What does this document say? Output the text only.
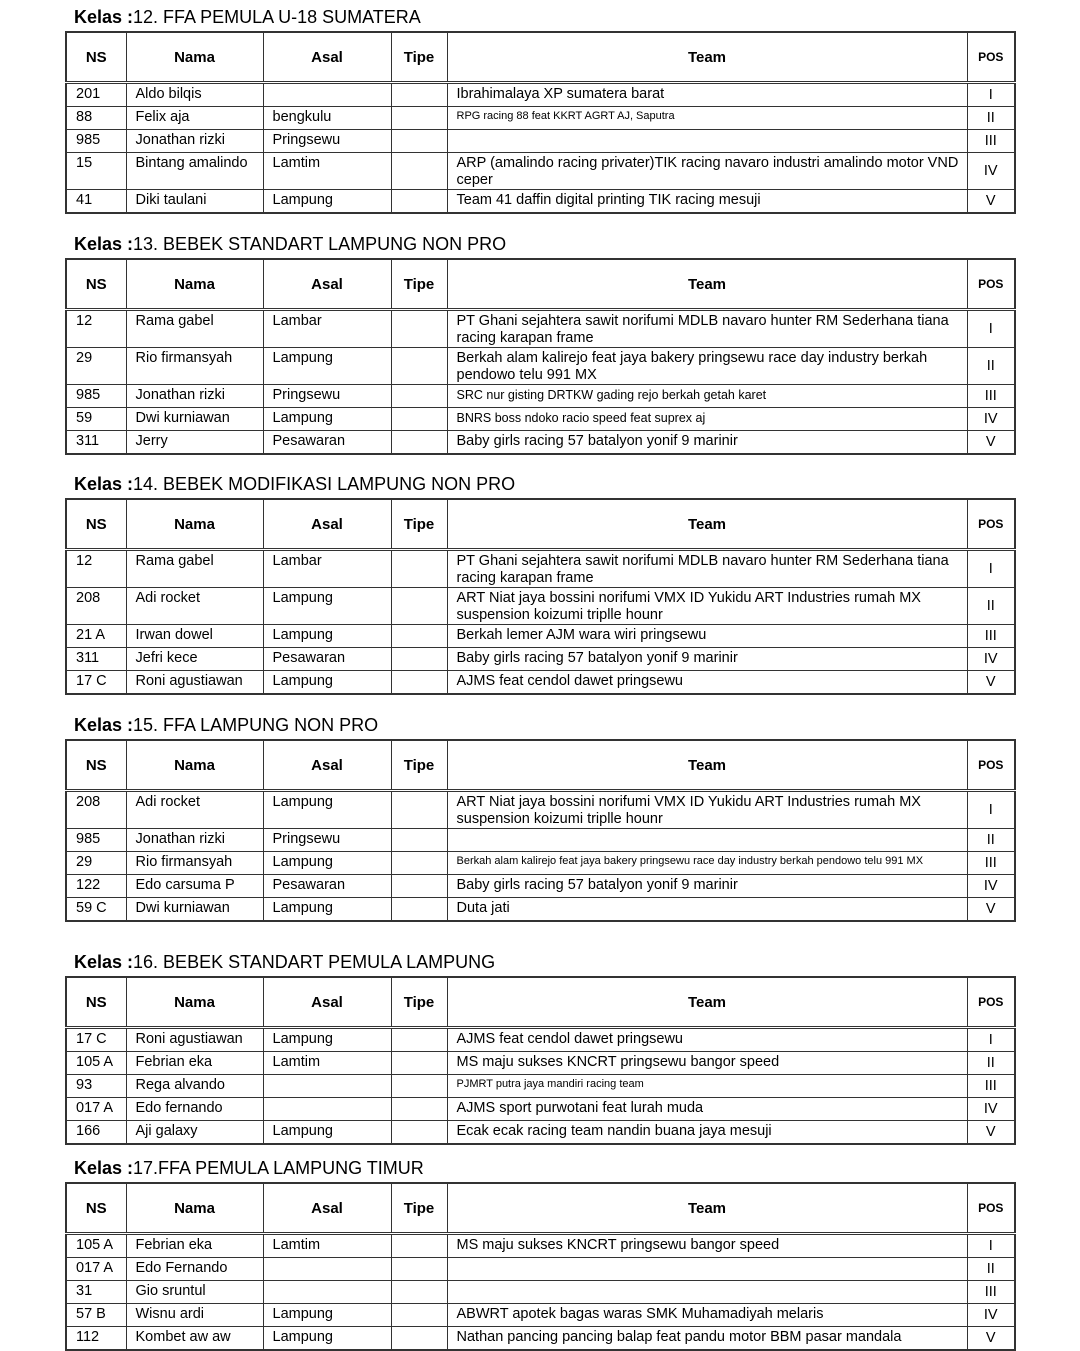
Kelas :12. FFA PEMULA U-18 SUMATERA
NS	Nama	Asal	Tipe	Team	POS
201	Aldo bilqis			Ibrahimalaya XP sumatera barat	I
88	Felix aja	bengkulu		RPG racing 88 feat KKRT AGRT AJ, Saputra	II
985	Jonathan rizki	Pringsewu			III
15	Bintang amalindo	Lamtim		ARP (amalindo racing privater)TIK racing navaro industri amalindo motor VND ceper	IV
41	Diki taulani	Lampung		Team 41 daffin digital printing TIK racing mesuji	V
Kelas :13. BEBEK STANDART LAMPUNG NON PRO
NS	Nama	Asal	Tipe	Team	POS
12	Rama gabel	Lambar		PT Ghani sejahtera sawit norifumi MDLB navaro hunter RM Sederhana tiana racing karapan frame	I
29	Rio firmansyah	Lampung		Berkah alam kalirejo feat jaya bakery pringsewu race day industry berkah pendowo telu 991 MX	II
985	Jonathan rizki	Pringsewu		SRC nur gisting DRTKW gading rejo berkah getah karet	III
59	Dwi kurniawan	Lampung		BNRS boss ndoko racio speed feat suprex aj	IV
311	Jerry	Pesawaran		Baby girls racing 57 batalyon yonif 9 marinir	V
Kelas :14. BEBEK MODIFIKASI LAMPUNG NON PRO
NS	Nama	Asal	Tipe	Team	POS
12	Rama gabel	Lambar		PT Ghani sejahtera sawit norifumi MDLB navaro hunter RM Sederhana tiana racing karapan frame	I
208	Adi rocket	Lampung		ART Niat jaya bossini norifumi VMX ID Yukidu ART Industries rumah MX suspension koizumi triplle hounr	II
21 A	Irwan dowel	Lampung		Berkah lemer AJM wara wiri pringsewu	III
311	Jefri kece	Pesawaran		Baby girls racing 57 batalyon yonif 9 marinir	IV
17 C	Roni agustiawan	Lampung		AJMS feat cendol dawet pringsewu	V
Kelas :15. FFA LAMPUNG NON PRO
NS	Nama	Asal	Tipe	Team	POS
208	Adi rocket	Lampung		ART Niat jaya bossini norifumi VMX ID Yukidu ART Industries rumah MX suspension koizumi triplle hounr	I
985	Jonathan rizki	Pringsewu			II
29	Rio firmansyah	Lampung		Berkah alam kalirejo feat jaya bakery pringsewu race day industry berkah pendowo telu 991 MX	III
122	Edo carsuma P	Pesawaran		Baby girls racing 57 batalyon yonif 9 marinir	IV
59 C	Dwi kurniawan	Lampung		Duta jati	V
Kelas :16. BEBEK STANDART PEMULA LAMPUNG
NS	Nama	Asal	Tipe	Team	POS
17 C	Roni agustiawan	Lampung		AJMS feat cendol dawet pringsewu	I
105 A	Febrian eka	Lamtim		MS maju sukses KNCRT pringsewu bangor speed	II
93	Rega alvando			PJMRT putra jaya mandiri racing team	III
017 A	Edo fernando			AJMS sport purwotani feat lurah muda	IV
166	Aji galaxy	Lampung		Ecak ecak racing team nandin buana jaya mesuji	V
Kelas :17.FFA PEMULA LAMPUNG TIMUR
NS	Nama	Asal	Tipe	Team	POS
105 A	Febrian eka	Lamtim		MS maju sukses KNCRT pringsewu bangor speed	I
017 A	Edo Fernando				II
31	Gio sruntul				III
57 B	Wisnu ardi	Lampung		ABWRT apotek bagas waras SMK Muhamadiyah melaris	IV
112	Kombet aw aw	Lampung		Nathan pancing pancing balap feat pandu motor BBM pasar mandala	V
